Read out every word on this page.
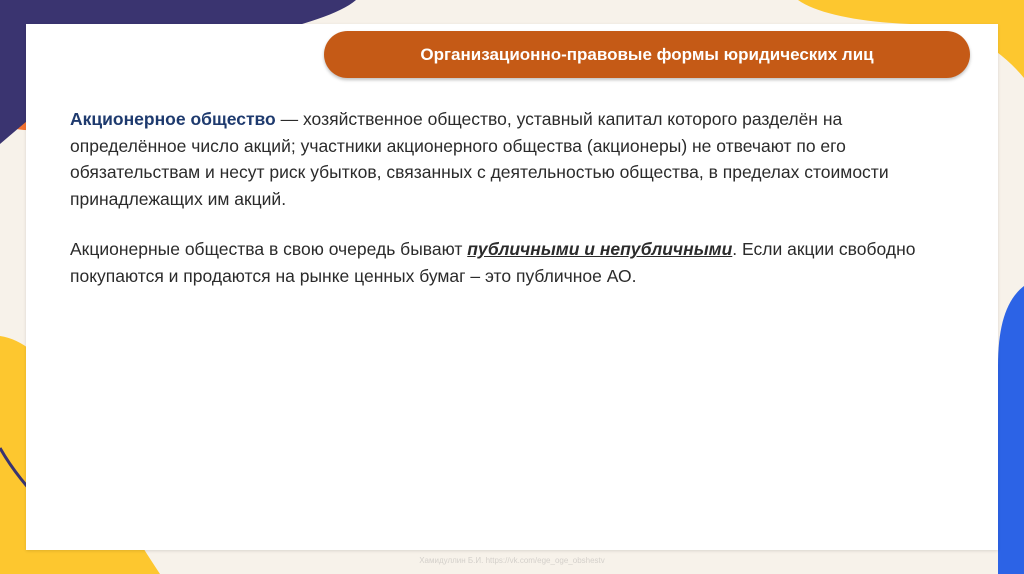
Организационно-правовые формы юридических лиц

Акционерное общество — хозяйственное общество, уставный капитал которого разделён на определённое число акций; участники акционерного общества (акционеры) не отвечают по его обязательствам и несут риск убытков, связанных с деятельностью общества, в пределах стоимости принадлежащих им акций.

Акционерные общества в свою очередь бывают публичными и непубличными. Если акции свободно покупаются и продаются на рынке ценных бумаг – это публичное АО.

Хамидуллин Б.И. https://vk.com/ege_oge_obshestv
